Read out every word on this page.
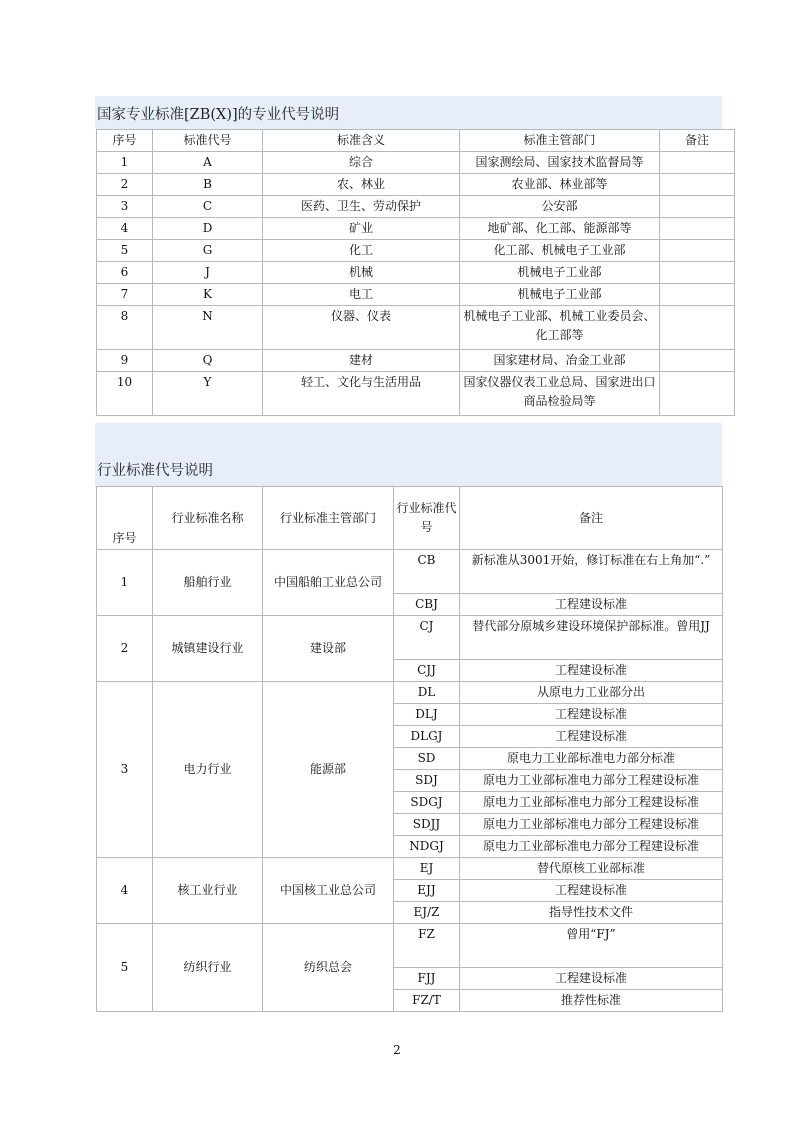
国家专业标准[ZB(X)]的专业代号说明
序号	标准代号	标准含义	标准主管部门	备注
1	A	综合	国家测绘局、国家技术监督局等	
2	B	农、林业	农业部、林业部等	
3	C	医药、卫生、劳动保护	公安部	
4	D	矿业	地矿部、化工部、能源部等	
5	G	化工	化工部、机械电子工业部	
6	J	机械	机械电子工业部	
7	K	电工	机械电子工业部	
8	N	仪器、仪表	机械电子工业部、机械工业委员会、化工部等	
9	Q	建材	国家建材局、冶金工业部	
10	Y	轻工、文化与生活用品	国家仪器仪表工业总局、国家进出口商品检验局等	
行业标准代号说明
序号	行业标准名称	行业标准主管部门	行业标准代号	备注
1	船舶行业	中国船舶工业总公司	CB	新标准从3001开始，修订标准在右上角加“.”
			CBJ	工程建设标准
2	城镇建设行业	建设部	CJ	替代部分原城乡建设环境保护部标准。曾用JJ
			CJJ	工程建设标准
3	电力行业	能源部	DL	从原电力工业部分出
			DLJ	工程建设标准
			DLGJ	工程建设标准
			SD	原电力工业部标准电力部分标准
			SDJ	原电力工业部标准电力部分工程建设标准
			SDGJ	原电力工业部标准电力部分工程建设标准
			SDJJ	原电力工业部标准电力部分工程建设标准
			NDGJ	原电力工业部标准电力部分工程建设标准
4	核工业行业	中国核工业总公司	EJ	替代原核工业部标准
			EJJ	工程建设标准
			EJ/Z	指导性技术文件
5	纺织行业	纺织总会	FZ	曾用“FJ”
			FJJ	工程建设标准
			FZ/T	推荐性标准
2
